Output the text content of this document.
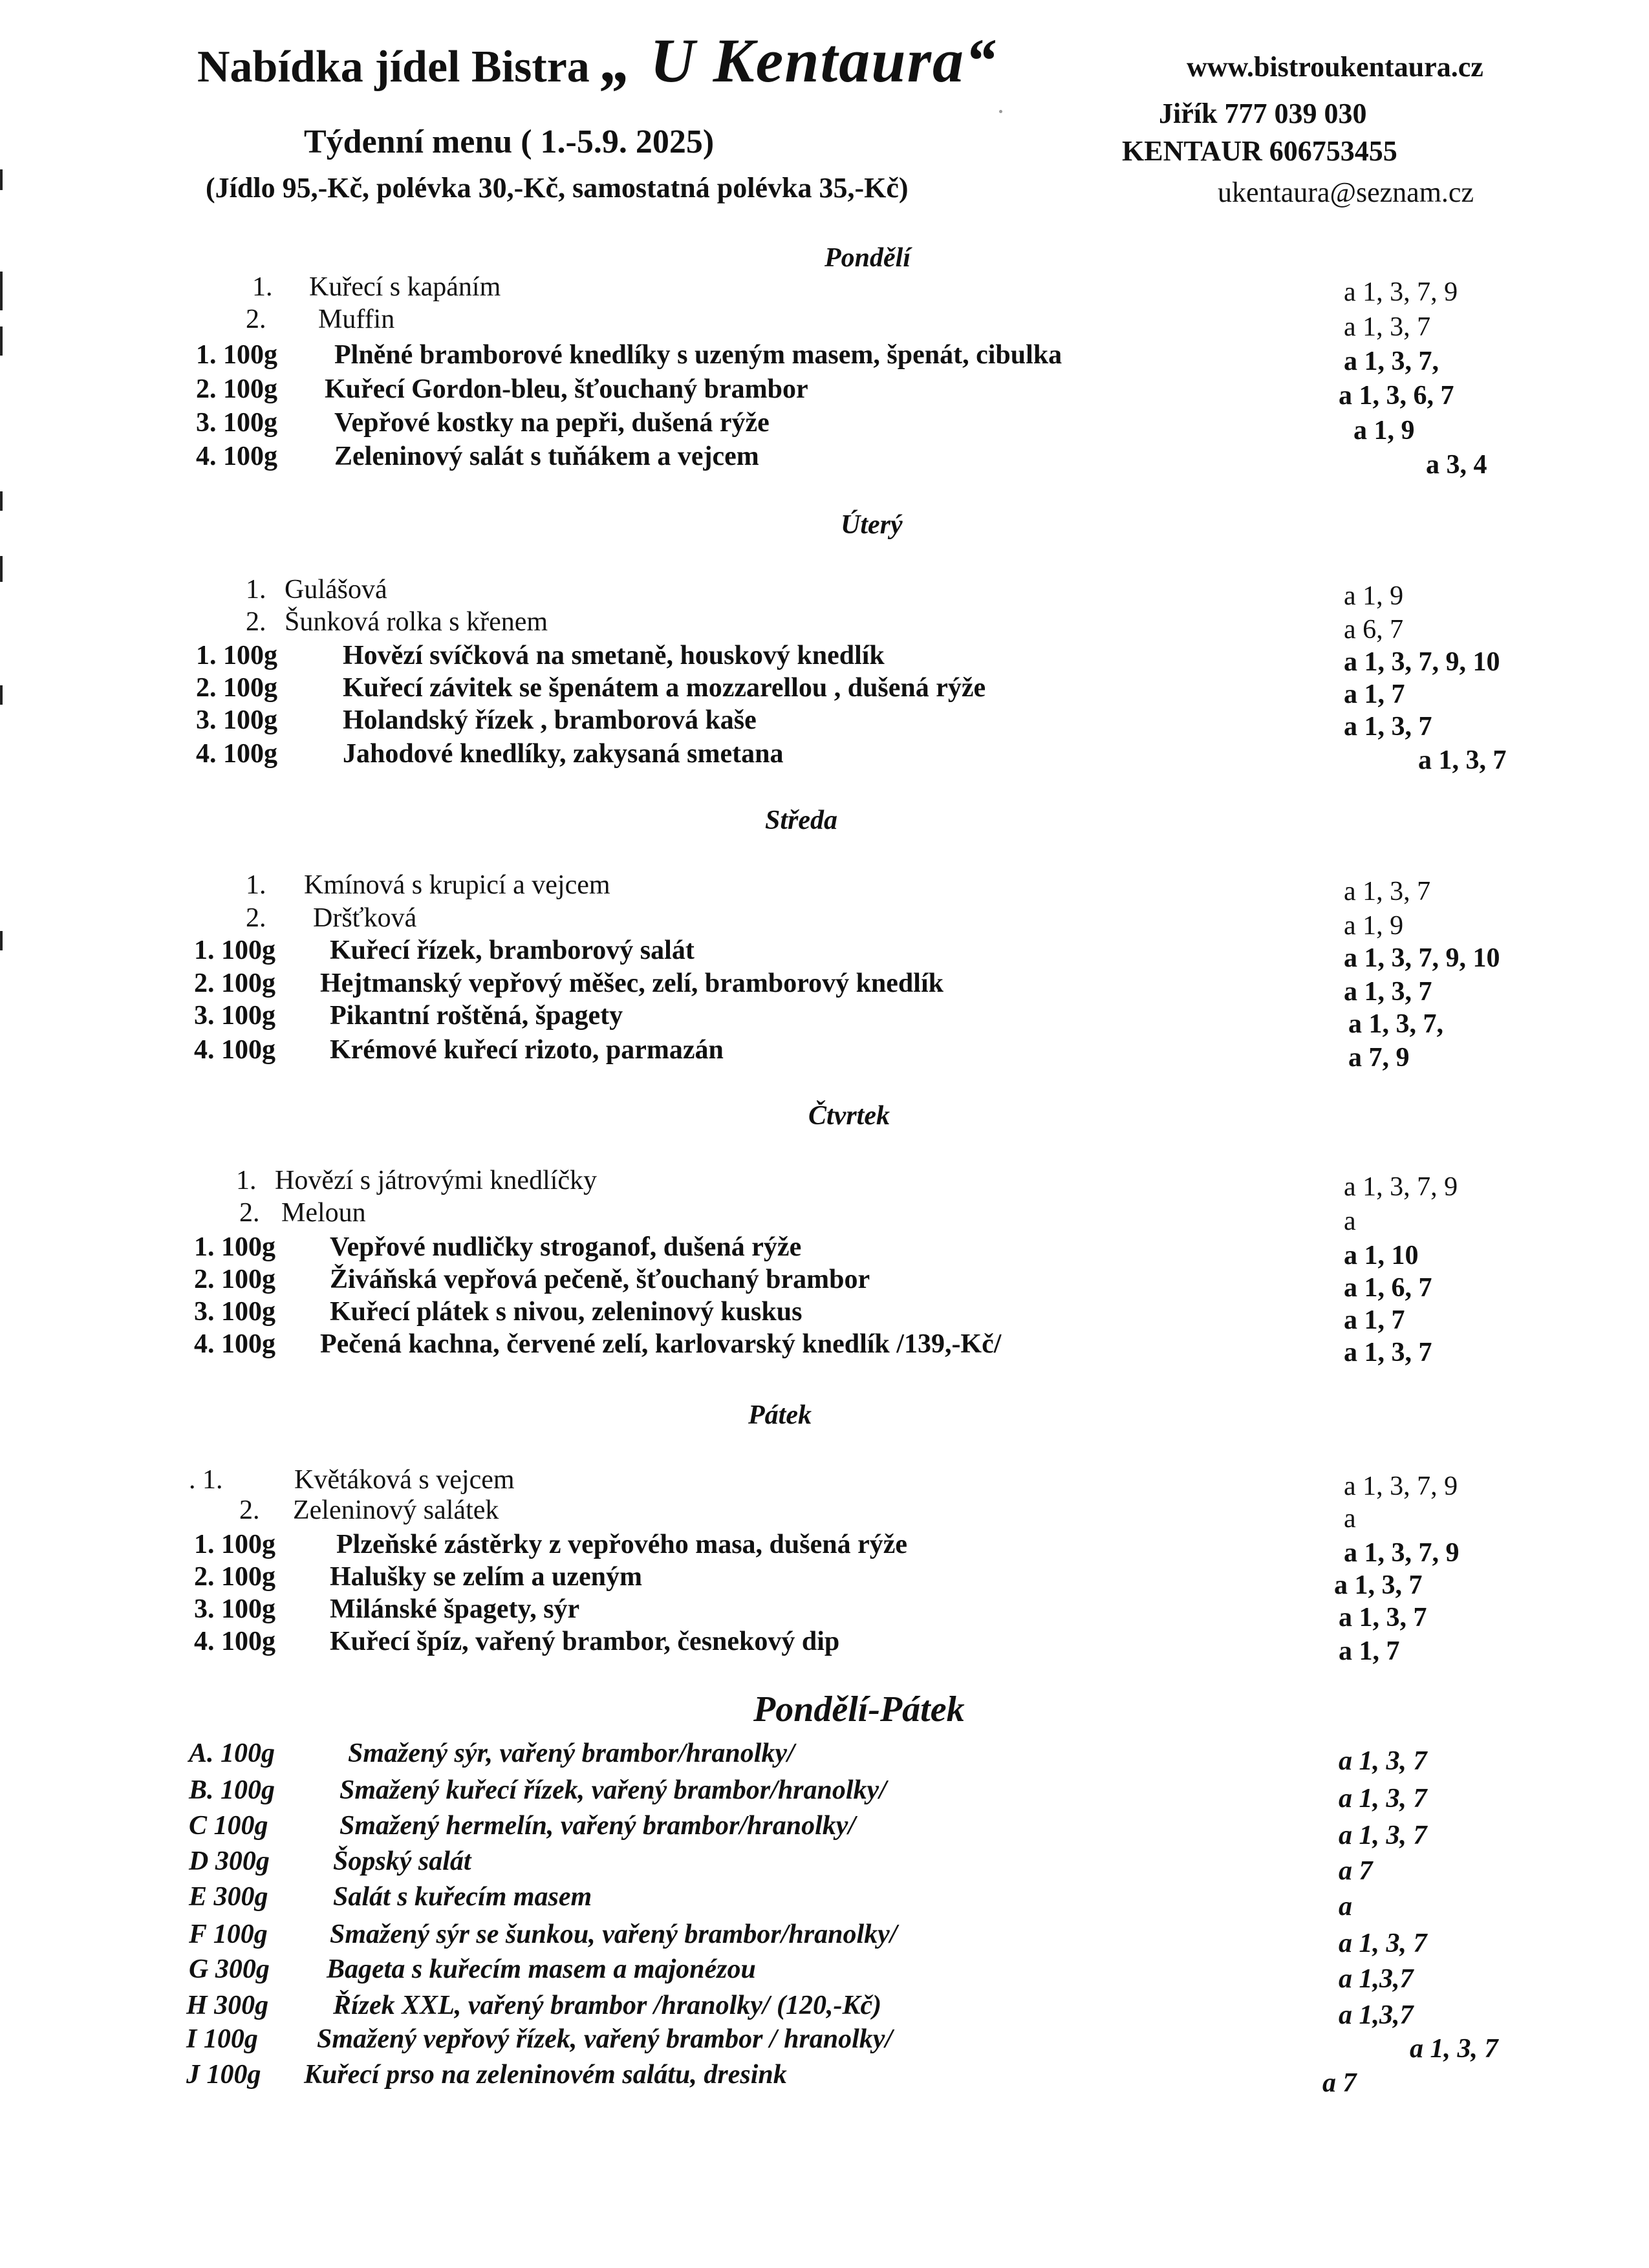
Nabídka jídel Bistra „ U Kentaura“
Týdenní menu ( 1.-5.9. 2025)
(Jídlo 95,-Kč, polévka 30,-Kč, samostatná polévka 35,-Kč)
www.bistroukentaura.cz
Jiřík 777 039 030
KENTAUR 606753455
ukentaura@seznam.cz
Pondělí
1. Kuřecí s kapáním	a 1, 3, 7, 9
2. Muffin	a 1, 3, 7
1. 100g Plněné bramborové knedlíky s uzeným masem, špenát, cibulka	a 1, 3, 7,
2. 100g Kuřecí Gordon-bleu, šťouchaný brambor	a 1, 3, 6, 7
3. 100g Vepřové kostky na pepři, dušená rýže	a 1, 9
4. 100g Zeleninový salát s tuňákem a vejcem	a 3, 4
Úterý
1. Gulášová	a 1, 9
2. Šunková rolka s křenem	a 6, 7
1. 100g Hovězí svíčková na smetaně, houskový knedlík	a 1, 3, 7, 9, 10
2. 100g Kuřecí závitek se špenátem a mozzarellou , dušená rýže	a 1, 7
3. 100g Holandský řízek , bramborová kaše	a 1, 3, 7
4. 100g Jahodové knedlíky, zakysaná smetana	a 1, 3, 7
Středa
1. Kmínová s krupicí a vejcem	a 1, 3, 7
2. Dršťková	a 1, 9
1. 100g Kuřecí řízek, bramborový salát	a 1, 3, 7, 9, 10
2. 100g Hejtmanský vepřový měšec, zelí, bramborový knedlík	a 1, 3, 7
3. 100g Pikantní roštěná, špagety	a 1, 3, 7,
4. 100g Krémové kuřecí rizoto, parmazán	a 7, 9
Čtvrtek
1. Hovězí s játrovými knedlíčky	a 1, 3, 7, 9
2. Meloun	a
1. 100g Vepřové nudličky stroganof, dušená rýže	a 1, 10
2. 100g Živáňská vepřová pečeně, šťouchaný brambor	a 1, 6, 7
3. 100g Kuřecí plátek s nivou, zeleninový kuskus	a 1, 7
4. 100g Pečená kachna, červené zelí, karlovarský knedlík /139,-Kč/	a 1, 3, 7
Pátek
. 1.	Květáková s vejcem	a 1, 3, 7, 9
2. Zeleninový salátek	a
1. 100g Plzeňské zástěrky z vepřového masa, dušená rýže	a 1, 3, 7, 9
2. 100g Halušky se zelím a uzeným	a 1, 3, 7
3. 100g Milánské špagety, sýr	a 1, 3, 7
4. 100g Kuřecí špíz, vařený brambor, česnekový dip	a 1, 7
Pondělí-Pátek
A. 100g	Smažený sýr, vařený brambor/hranolky/	a 1, 3, 7
B. 100g Smažený kuřecí řízek, vařený brambor/hranolky/	a 1, 3, 7
C 100g	Smažený hermelín, vařený brambor/hranolky/	a 1, 3, 7
D 300g Šopský salát	a 7
E 300g Salát s kuřecím masem	a
F 100g Smažený sýr se šunkou, vařený brambor/hranolky/	a 1, 3, 7
G 300g Bageta s kuřecím masem a majonézou	a 1,3,7
H 300g Řízek XXL, vařený brambor /hranolky/ (120,-Kč)	a 1,3,7
I 100g Smažený vepřový řízek, vařený brambor / hranolky/	a 1, 3, 7
J 100g Kuřecí prso na zeleninovém salátu, dresink	a 7
